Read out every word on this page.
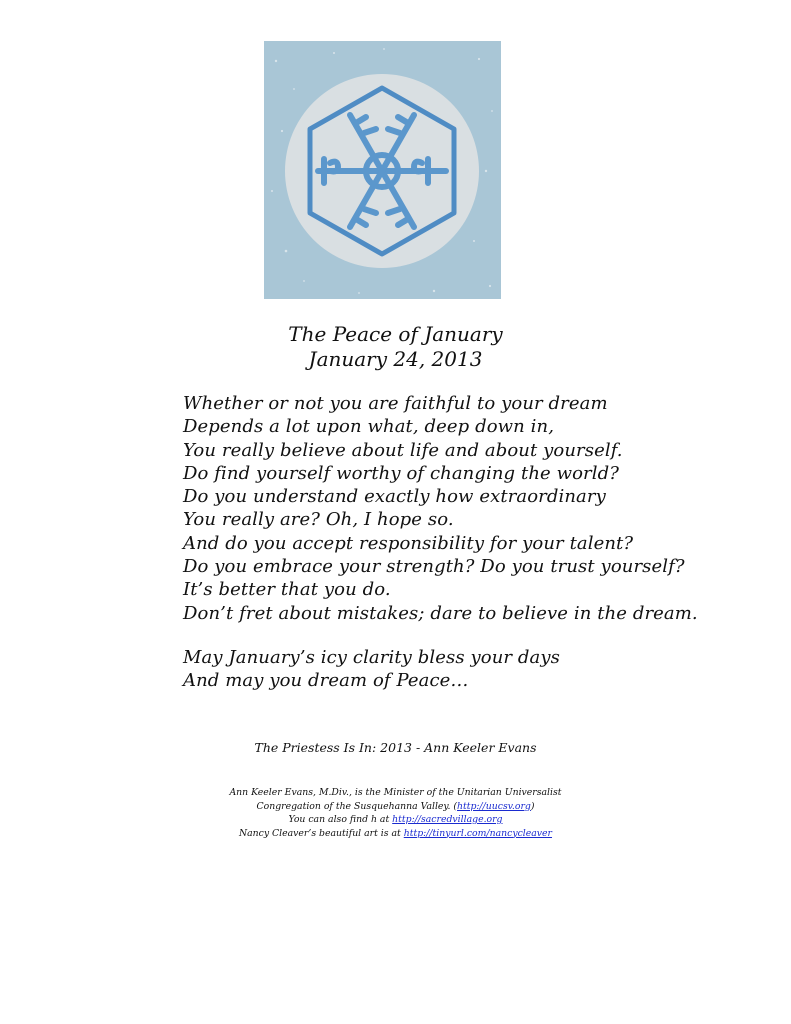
The Peace of January
January 24, 2013
Whether or not you are faithful to your dream
Depends a lot upon what, deep down in,
You really believe about life and about yourself.
Do find yourself worthy of changing the world?
Do you understand exactly how extraordinary
You really are? Oh, I hope so.
And do you accept responsibility for your talent?
Do you embrace your strength? Do you trust yourself?
It’s better that you do.
Don’t fret about mistakes; dare to believe in the dream.
May January’s icy clarity bless your days
And may you dream of Peace…
The Priestess Is In: 2013 - Ann Keeler Evans
Ann Keeler Evans, M.Div., is the Minister of the Unitarian Universalist
Congregation of the Susquehanna Valley. (http://uucsv.org)
You can also find h at http://sacredvillage.org
Nancy Cleaver’s beautiful art is at http://tinyurl.com/nancycleaver
